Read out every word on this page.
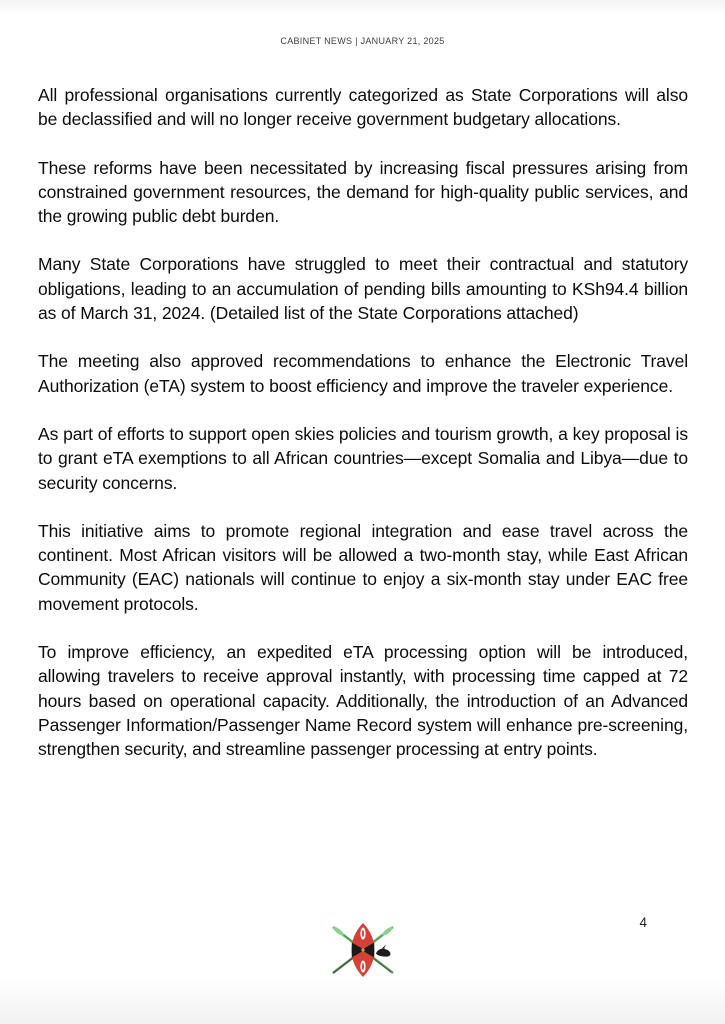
CABINET NEWS | JANUARY 21, 2025

All professional organisations currently categorized as State Corporations will also be declassified and will no longer receive government budgetary allocations.

These reforms have been necessitated by increasing fiscal pressures arising from constrained government resources, the demand for high-quality public services, and the growing public debt burden.

Many State Corporations have struggled to meet their contractual and statutory obligations, leading to an accumulation of pending bills amounting to KSh94.4 billion as of March 31, 2024. (Detailed list of the State Corporations attached)

The meeting also approved recommendations to enhance the Electronic Travel Authorization (eTA) system to boost efficiency and improve the traveler experience.

As part of efforts to support open skies policies and tourism growth, a key proposal is to grant eTA exemptions to all African countries—except Somalia and Libya—due to security concerns.

This initiative aims to promote regional integration and ease travel across the continent. Most African visitors will be allowed a two-month stay, while East African Community (EAC) nationals will continue to enjoy a six-month stay under EAC free movement protocols.

To improve efficiency, an expedited eTA processing option will be introduced, allowing travelers to receive approval instantly, with processing time capped at 72 hours based on operational capacity. Additionally, the introduction of an Advanced Passenger Information/Passenger Name Record system will enhance pre-screening, strengthen security, and streamline passenger processing at entry points.

4
